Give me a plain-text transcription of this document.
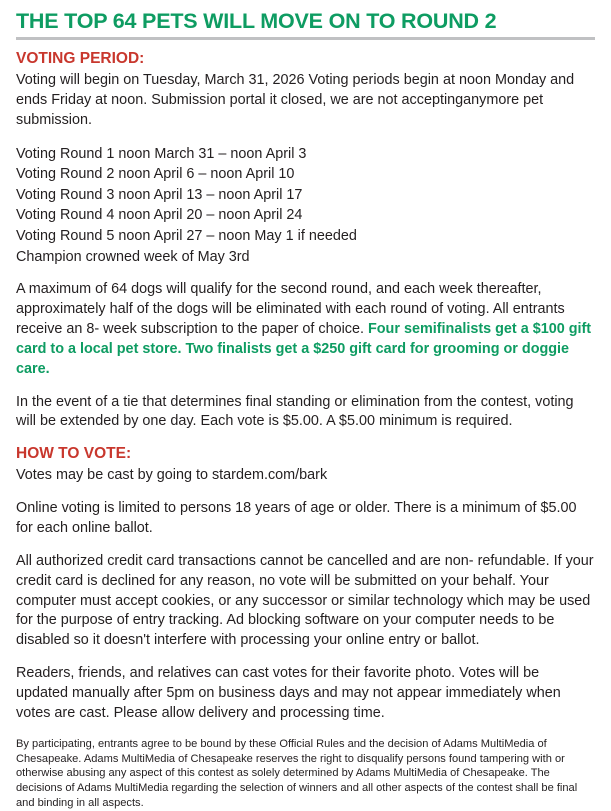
THE TOP 64 PETS WILL MOVE ON TO ROUND 2
VOTING PERIOD:

Voting will begin on Tuesday, March 31, 2026 Voting periods begin at noon Monday and ends Friday at noon. Submission portal it closed, we are not acceptinganymore pet submission.

Voting Round 1 noon March 31 – noon April 3
Voting Round 2 noon April 6 – noon April 10
Voting Round 3 noon April 13 – noon April 17
Voting Round 4 noon April 20 – noon April 24
Voting Round 5 noon April 27 – noon May 1 if needed
Champion crowned week of May 3rd

A maximum of 64 dogs will qualify for the second round, and each week thereafter, approximately half of the dogs will be eliminated with each round of voting. All entrants receive an 8- week subscription to the paper of choice. Four semifinalists get a $100 gift card to a local pet store. Two finalists get a $250 gift card for grooming or doggie care.

In the event of a tie that determines final standing or elimination from the contest, voting will be extended by one day. Each vote is $5.00. A $5.00 minimum is required.

HOW TO VOTE:

Votes may be cast by going to stardem.com/bark

Online voting is limited to persons 18 years of age or older. There is a minimum of $5.00 for each online ballot.

All authorized credit card transactions cannot be cancelled and are non- refundable. If your credit card is declined for any reason, no vote will be submitted on your behalf. Your computer must accept cookies, or any successor or similar technology which may be used for the purpose of entry tracking. Ad blocking software on your computer needs to be disabled so it doesn't interfere with processing your online entry or ballot.

Readers, friends, and relatives can cast votes for their favorite photo. Votes will be updated manually after 5pm on business days and may not appear immediately when votes are cast. Please allow delivery and processing time.

By participating, entrants agree to be bound by these Official Rules and the decision of Adams MultiMedia of Chesapeake. Adams MultiMedia of Chesapeake reserves the right to disqualify persons found tampering with or otherwise abusing any aspect of this contest as solely determined by Adams MultiMedia of Chesapeake. The decisions of Adams MultiMedia regarding the selection of winners and all other aspects of the contest shall be final and binding in all aspects.
